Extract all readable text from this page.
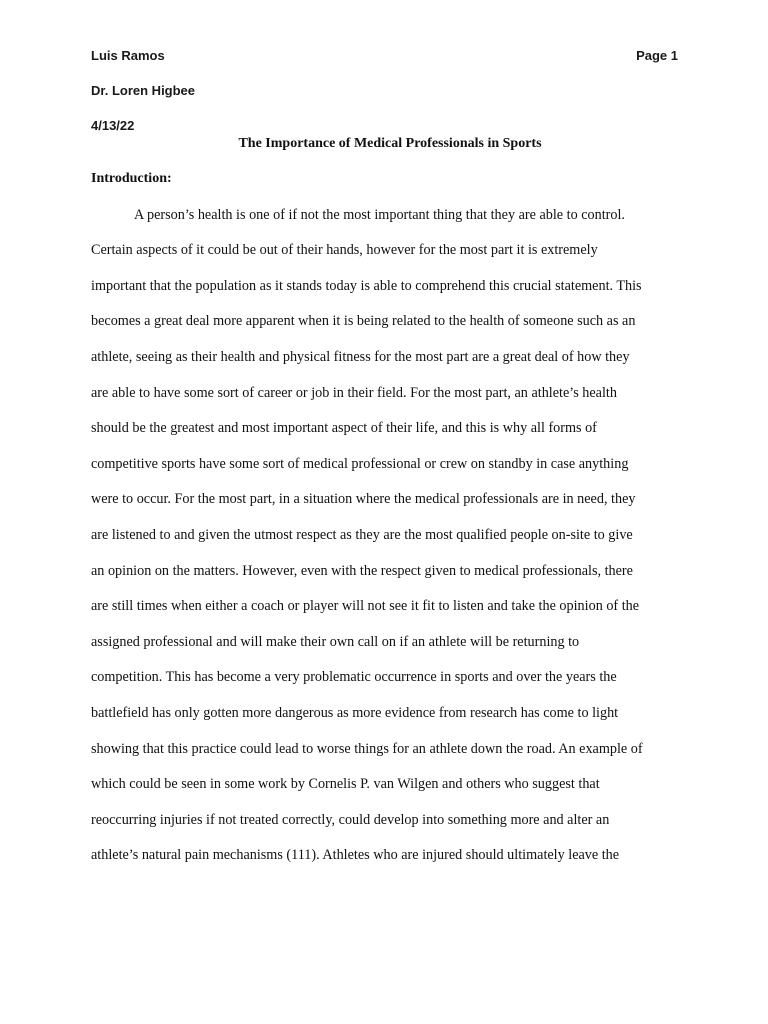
Luis Ramos	Page 1
Dr. Loren Higbee
4/13/22
The Importance of Medical Professionals in Sports
Introduction:
A person’s health is one of if not the most important thing that they are able to control.
Certain aspects of it could be out of their hands, however for the most part it is extremely
important that the population as it stands today is able to comprehend this crucial statement. This
becomes a great deal more apparent when it is being related to the health of someone such as an
athlete, seeing as their health and physical fitness for the most part are a great deal of how they
are able to have some sort of career or job in their field. For the most part, an athlete’s health
should be the greatest and most important aspect of their life, and this is why all forms of
competitive sports have some sort of medical professional or crew on standby in case anything
were to occur. For the most part, in a situation where the medical professionals are in need, they
are listened to and given the utmost respect as they are the most qualified people on-site to give
an opinion on the matters. However, even with the respect given to medical professionals, there
are still times when either a coach or player will not see it fit to listen and take the opinion of the
assigned professional and will make their own call on if an athlete will be returning to
competition. This has become a very problematic occurrence in sports and over the years the
battlefield has only gotten more dangerous as more evidence from research has come to light
showing that this practice could lead to worse things for an athlete down the road. An example of
which could be seen in some work by Cornelis P. van Wilgen and others who suggest that
reoccurring injuries if not treated correctly, could develop into something more and alter an
athlete’s natural pain mechanisms (111). Athletes who are injured should ultimately leave the
